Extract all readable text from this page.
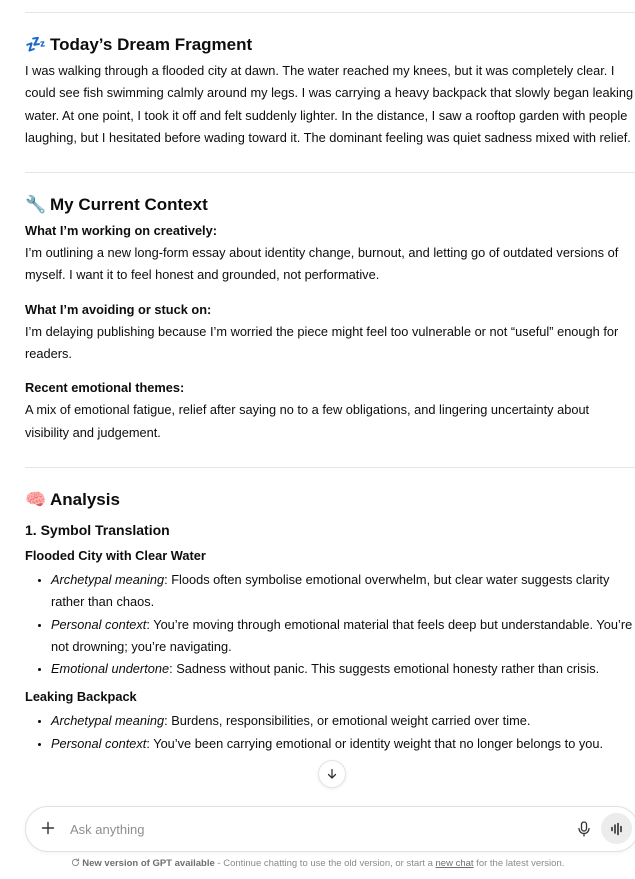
💤 Today’s Dream Fragment

I was walking through a flooded city at dawn. The water reached my knees, but it was completely clear. I could see fish swimming calmly around my legs. I was carrying a heavy backpack that slowly began leaking water. At one point, I took it off and felt suddenly lighter. In the distance, I saw a rooftop garden with people laughing, but I hesitated before wading toward it. The dominant feeling was quiet sadness mixed with relief.

🔧 My Current Context
What I’m working on creatively:

I’m outlining a new long-form essay about identity change, burnout, and letting go of outdated versions of myself. I want it to feel honest and grounded, not performative.

What I’m avoiding or stuck on:

I’m delaying publishing because I’m worried the piece might feel too vulnerable or not “useful” enough for readers.

Recent emotional themes:

A mix of emotional fatigue, relief after saying no to a few obligations, and lingering uncertainty about visibility and judgement.

🧠 Analysis
1. Symbol Translation
Flooded City with Clear Water
• Archetypal meaning: Floods often symbolise emotional overwhelm, but clear water suggests clarity rather than chaos.
• Personal context: You’re moving through emotional material that feels deep but understandable. You’re not drowning; you’re navigating.
• Emotional undertone: Sadness without panic. This suggests emotional honesty rather than crisis.
Leaking Backpack
• Archetypal meaning: Burdens, responsibilities, or emotional weight carried over time.
• Personal context: You’ve been carrying emotional or identity weight that no longer belongs to you.
Ask anything
New version of GPT available - Continue chatting to use the old version, or start a new chat for the latest version.
